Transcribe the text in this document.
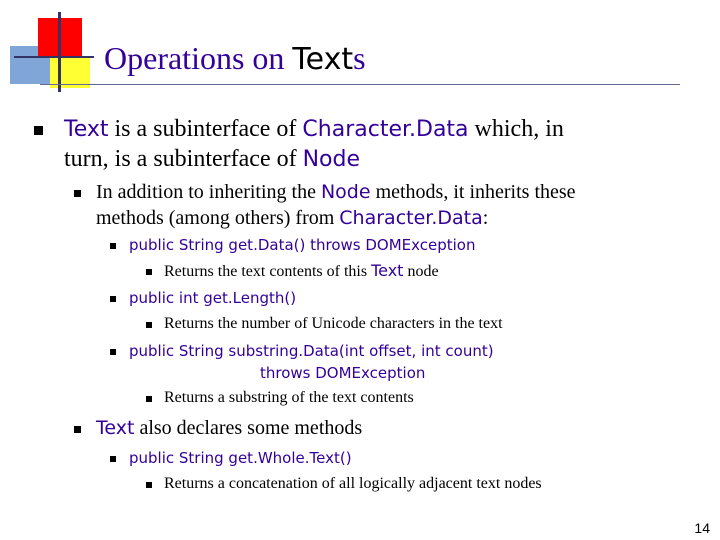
Operations on Texts
Text is a subinterface of Character.Data which, in
turn, is a subinterface of Node
In addition to inheriting the Node methods, it inherits these
methods (among others) from Character.Data:
public String get.Data() throws DOMException
Returns the text contents of this Text node
public int get.Length()
Returns the number of Unicode characters in the text
public String substring.Data(int offset, int count)
throws DOMException
Returns a substring of the text contents
Text also declares some methods
public String get.Whole.Text()
Returns a concatenation of all logically adjacent text nodes
14
